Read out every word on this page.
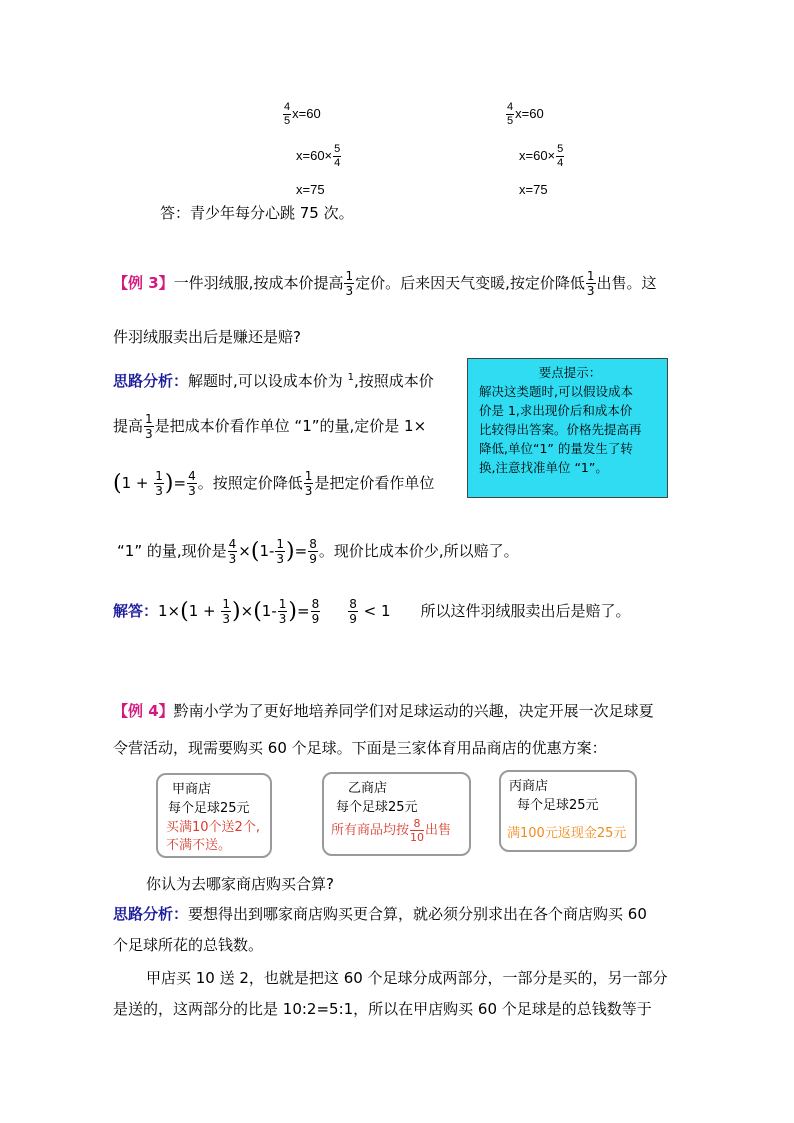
$\frac{4}{5} x=60$
$x=60\times \frac{5}{4}$
x=75
$\frac{4}{5} x=60$
$x=60\times \frac{5}{4}$
x=75
答：青少年每分心跳 75 次。
【例 3】一件羽绒服,按成本价提高 $\frac{1}{3}$ 定价。后来因天气变暖,按定价降低 $\frac{1}{3}$ 出售。这
件羽绒服卖出后是赚还是赔?
思路分析：解题时,可以设成本价为 $^1$,按照成本价
提高 $\frac{1}{3}$ 是把成本价看作单位 “1”的量,定价是 1×
($1 + \frac{1}{3}$ )= $\frac{4}{3}$ 。按照定价降低 $\frac{1}{3}$ 是把定价看作单位
“1” 的量,现价是 $\frac{4}{3} \times(1- \frac{1}{3}$ )= $\frac{8}{9}$ 。现价比成本价少,所以赔了。
解答：$1\times(1 + \frac{1}{3} )\times(1- \frac{1}{3}$ )= $\frac{8}{9} \frac{8}{9} < 1$ 所以这件羽绒服卖出后是赔了。
要点提示：
解决这类题时,可以假设成本
价是 1,求出现价后和成本价
比较得出答案。价格先提高再
降低,单位“1” 的量发生了转
换,注意找准单位 “1”。
【例 4】黔南小学为了更好地培养同学们对足球运动的兴趣，决定开展一次足球夏
令营活动，现需要购买 60 个足球。下面是三家体育用品商店的优惠方案：
甲商店
每个足球25元
买满10个送2个,
不满不送。
乙商店
每个足球25元
所有商品均按 $\frac{8}{10}$ 出售
丙商店
每个足球25元
满100元返现金25元
你认为去哪家商店购买合算?
思路分析：要想得出到哪家商店购买更合算，就必须分别求出在各个商店购买 60
个足球所花的总钱数。
甲店买 10 送 2，也就是把这 60 个足球分成两部分，一部分是买的，另一部分
是送的，这两部分的比是 10:2=5:1，所以在甲店购买 60 个足球是的总钱数等于
